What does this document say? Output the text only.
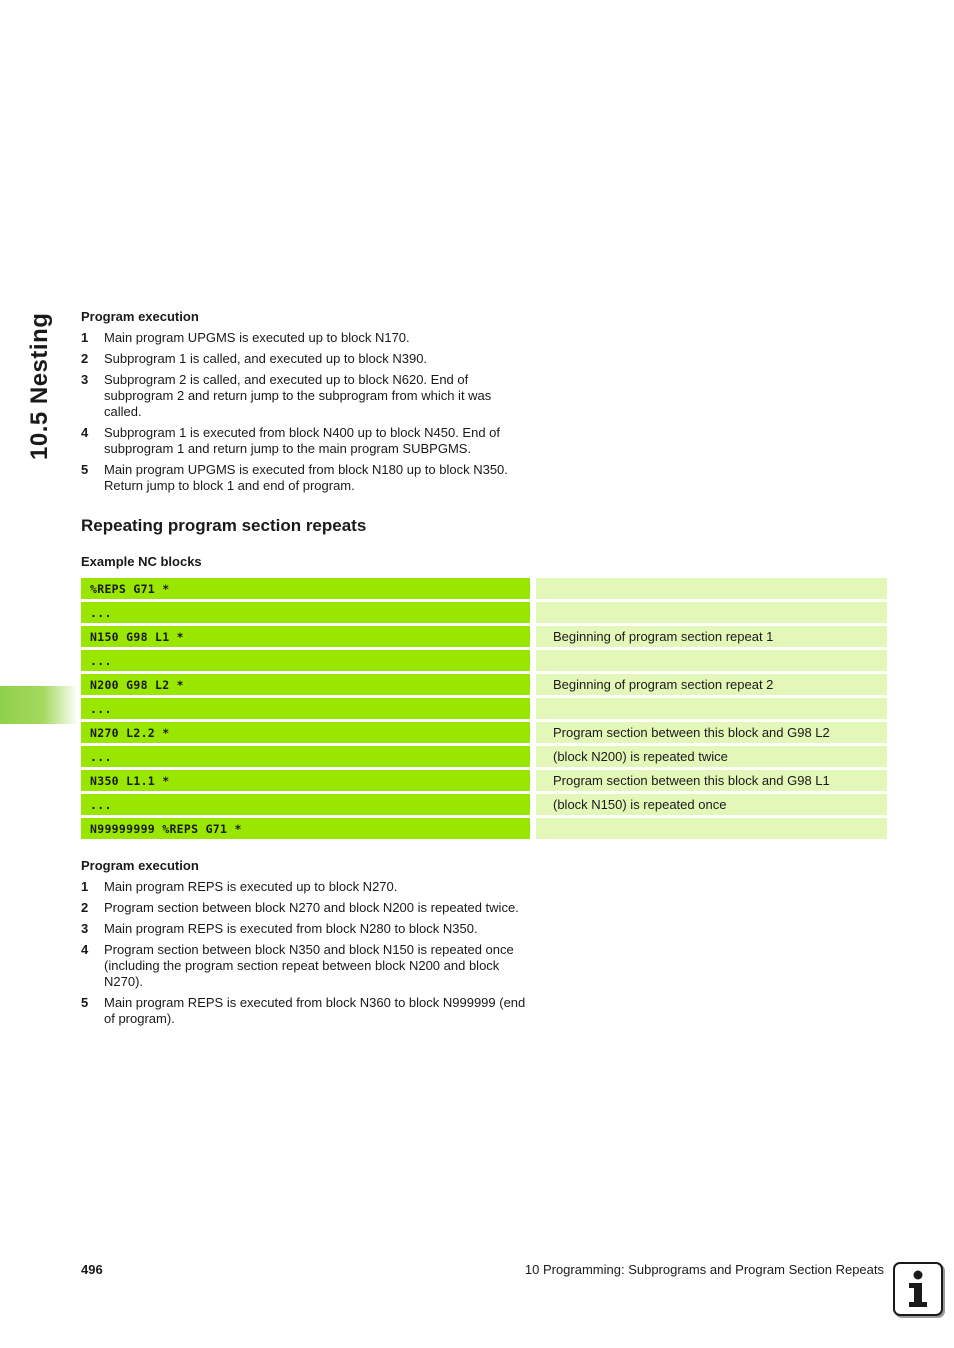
10.5 Nesting Program execution
1 Main program UPGMS is executed up to block N170.
2 Subprogram 1 is called, and executed up to block N390.
3 Subprogram 2 is called, and executed up to block N620. End of subprogram 2 and return jump to the subprogram from which it was called.
4 Subprogram 1 is executed from block N400 up to block N450. End of subprogram 1 and return jump to the main program SUBPGMS.
5 Main program UPGMS is executed from block N180 up to block N350. Return jump to block 1 and end of program.
Repeating program section repeats
Example NC blocks
%REPS G71 *		
...		
N150 G98 L1 *		Beginning of program section repeat 1
...		
N200 G98 L2 *		Beginning of program section repeat 2
...		
N270 L2.2 *		Program section between this block and G98 L2
...		(block N200) is repeated twice
N350 L1.1 *		Program section between this block and G98 L1
...		(block N150) is repeated once
N99999999 %REPS G71 *		
Program execution
1 Main program REPS is executed up to block N270.
2 Program section between block N270 and block N200 is repeated twice.
3 Main program REPS is executed from block N280 to block N350.
4 Program section between block N350 and block N150 is repeated once (including the program section repeat between block N200 and block N270).
5 Main program REPS is executed from block N360 to block N999999 (end of program).
496	10 Programming: Subprograms and Program Section Repeats
